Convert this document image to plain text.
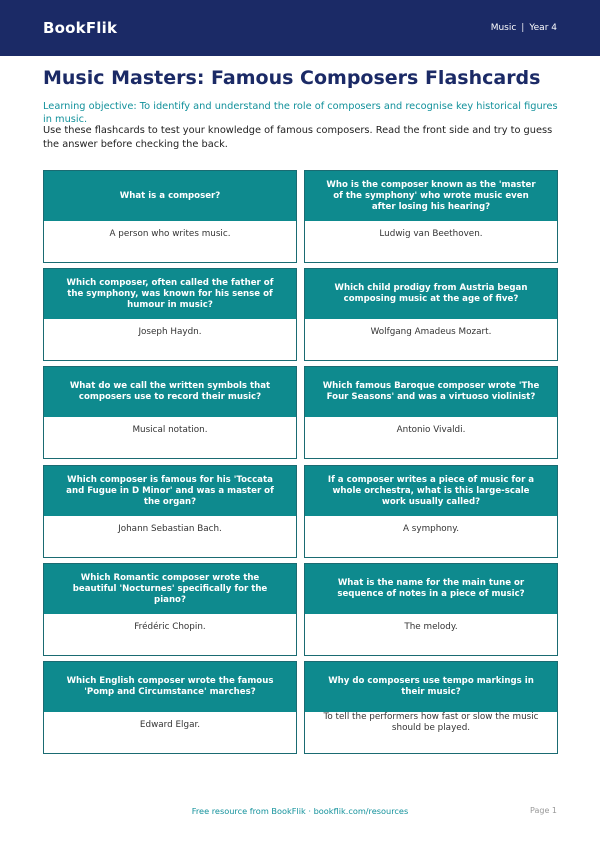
BookFlik	Music | Year 4
Music Masters: Famous Composers Flashcards

Learning objective: To identify and understand the role of composers and recognise key historical figures in music.

Use these flashcards to test your knowledge of famous composers. Read the front side and try to guess the answer before checking the back.

What is a composer?
A person who writes music.
Who is the composer known as the 'master of the symphony' who wrote music even after losing his hearing?
Ludwig van Beethoven.
Which composer, often called the father of the symphony, was known for his sense of humour in music?
Joseph Haydn.
Which child prodigy from Austria began composing music at the age of five?
Wolfgang Amadeus Mozart.
What do we call the written symbols that composers use to record their music?
Musical notation.
Which famous Baroque composer wrote 'The Four Seasons' and was a virtuoso violinist?
Antonio Vivaldi.
Which composer is famous for his 'Toccata and Fugue in D Minor' and was a master of the organ?
Johann Sebastian Bach.
If a composer writes a piece of music for a whole orchestra, what is this large-scale work usually called?
A symphony.
Which Romantic composer wrote the beautiful 'Nocturnes' specifically for the piano?
Frédéric Chopin.
What is the name for the main tune or sequence of notes in a piece of music?
The melody.
Which English composer wrote the famous 'Pomp and Circumstance' marches?
Edward Elgar.
Why do composers use tempo markings in their music?
To tell the performers how fast or slow the music should be played.
Free resource from BookFlik · bookflik.com/resources	Page 1
